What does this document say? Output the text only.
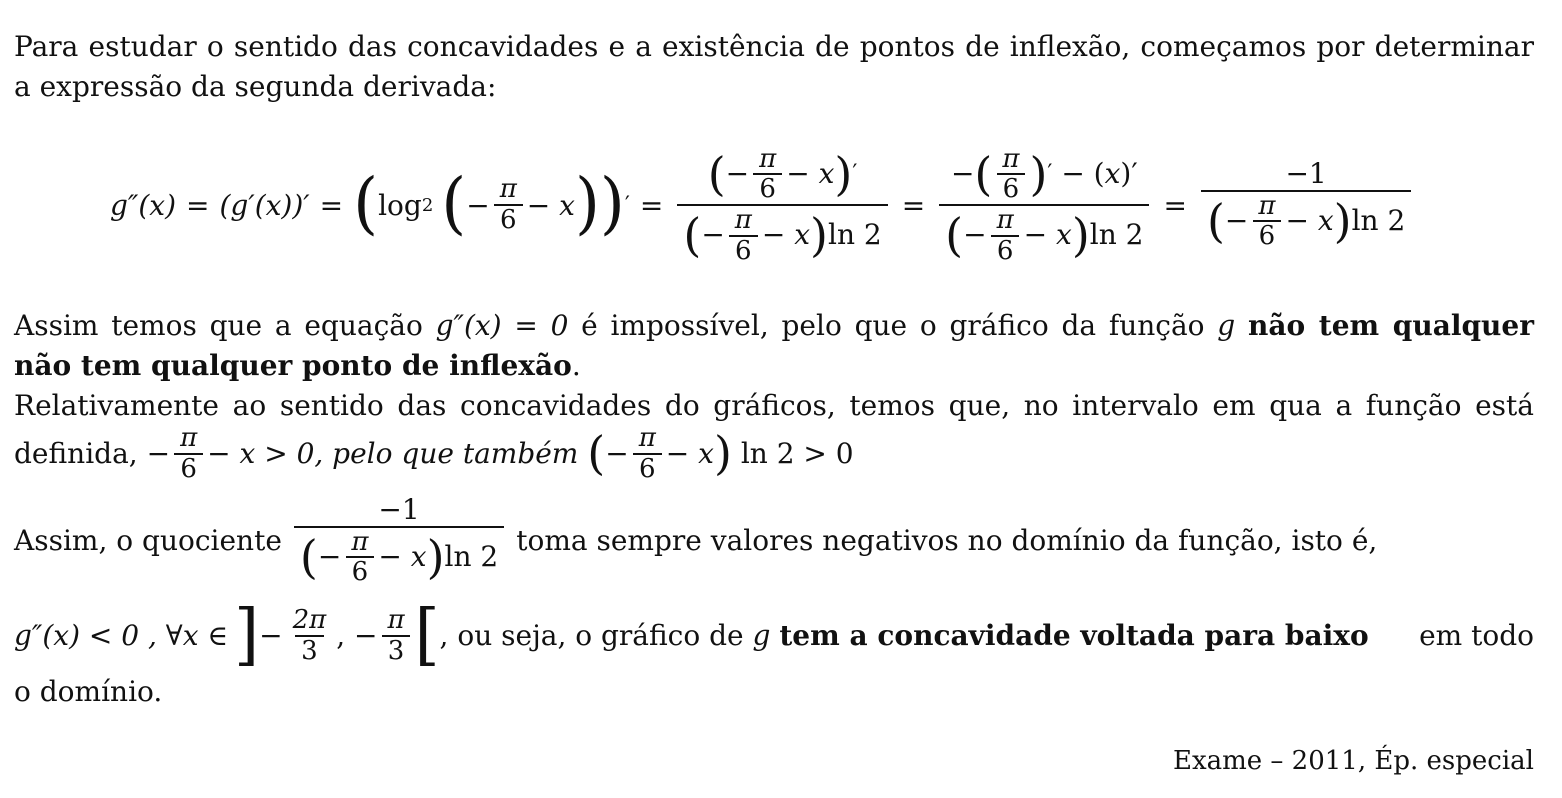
Para estudar o sentido das concavidades e a existência de pontos de inflexão, começamos por determinar

a expressão da segunda derivada:
g″(x) = (g′(x))′ = ( log 2 ( − $\frac{\pi}{6} - x$ ) ) ′ = $\frac{( - \frac{\pi}{6} - x ) '}{( - \frac{\pi}{6} - x ) \ln 2} = \frac{- ( \frac{\pi}{6} ) ' - ( x )'}{( - \frac{\pi}{6} - x ) \ln 2} = \frac{-1}{( - \frac{\pi}{6} - x ) \ln 2}$

Assim temos que a equação g″(x) = 0 é impossível, pelo que o gráfico da função g não tem qualquer

não tem qualquer ponto de inflexão.

Relativamente ao sentido das concavidades do gráficos, temos que, no intervalo em qua a função está

definida, − $\frac{\pi}{6} - x > 0$, pelo que também
( − $\frac{\pi}{6} - x$ )
ln 2 > 0
Assim, o quociente $\frac{-1}{( - \frac{\pi}{6} - x ) \ln 2}$ toma sempre valores negativos no domínio da função, isto é,
g″(x) < 0 , ∀x ∈ ] − $\frac{2\pi}{3}$ , − $\frac{\pi}{3}$ [ , ou seja, o gráfico de
g
tem a concavidade voltada para baixo
em todo
o domínio.
Exame – 2011, Ép. especial
